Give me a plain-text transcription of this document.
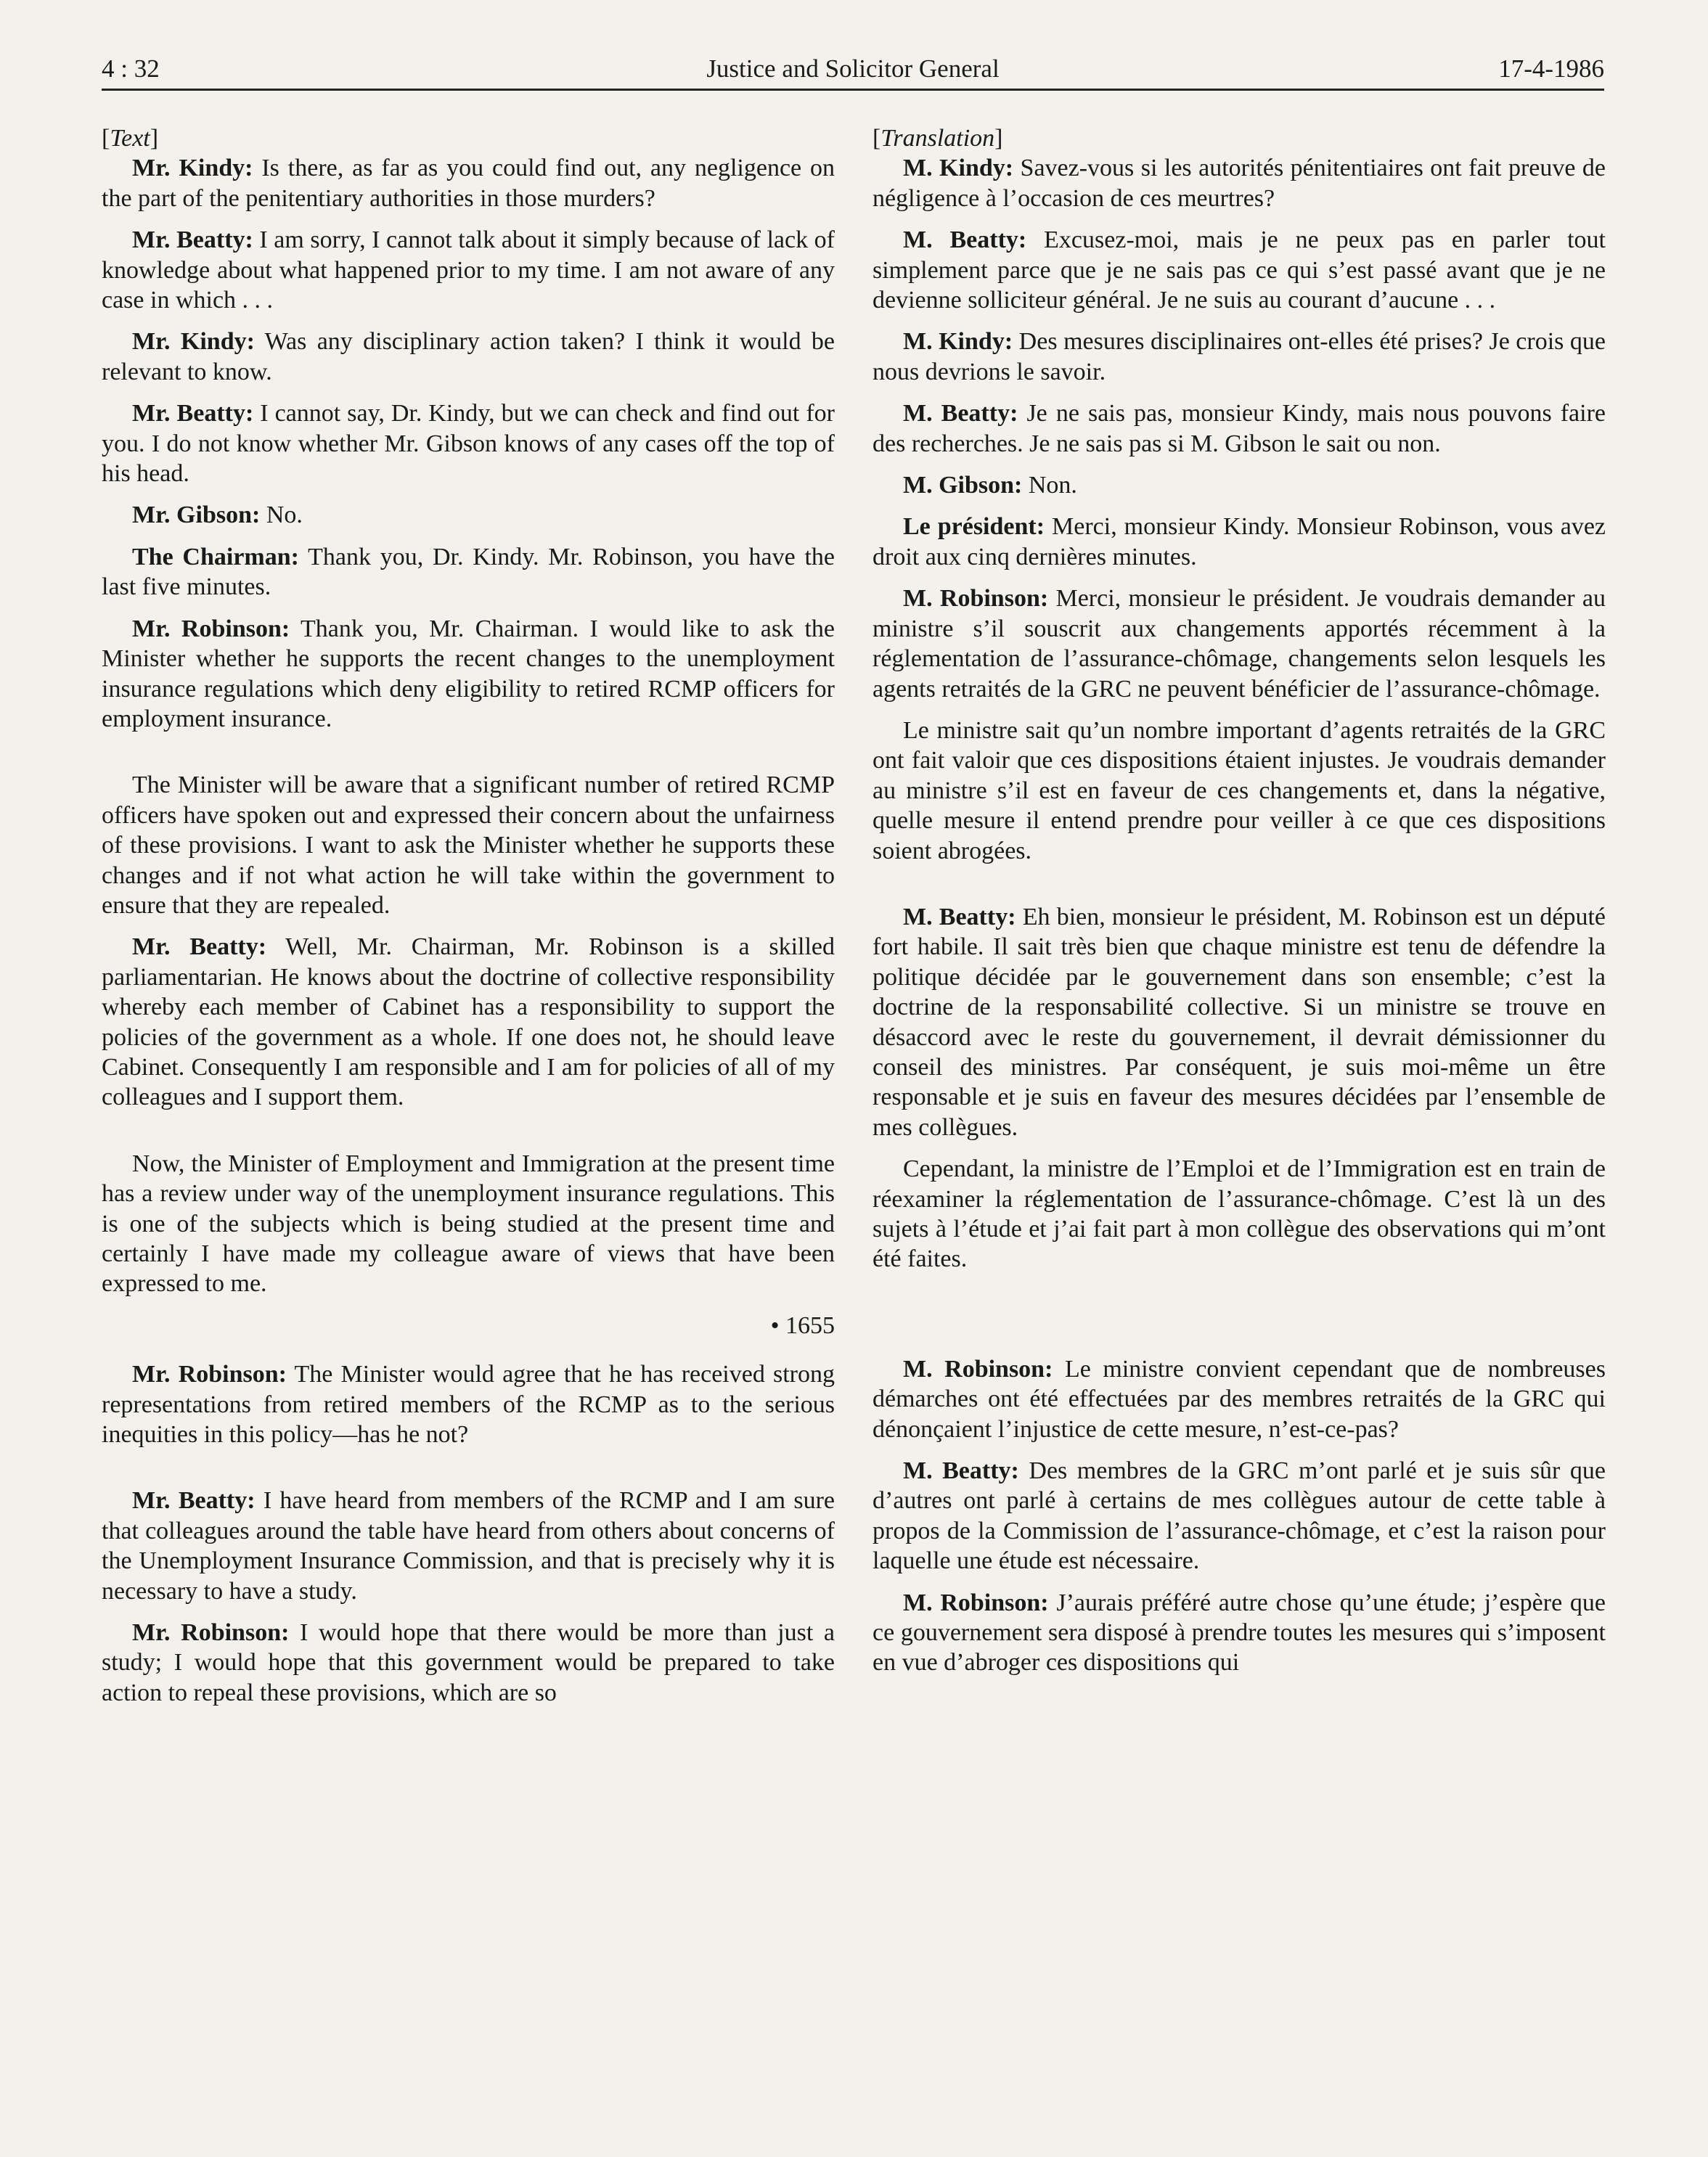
4 : 32	Justice and Solicitor General	17-4-1986
[Text]
Mr. Kindy: Is there, as far as you could find out, any negligence on the part of the penitentiary authorities in those murders?
Mr. Beatty: I am sorry, I cannot talk about it simply because of lack of knowledge about what happened prior to my time. I am not aware of any case in which . . .
Mr. Kindy: Was any disciplinary action taken? I think it would be relevant to know.
Mr. Beatty: I cannot say, Dr. Kindy, but we can check and find out for you. I do not know whether Mr. Gibson knows of any cases off the top of his head.
Mr. Gibson: No.
The Chairman: Thank you, Dr. Kindy. Mr. Robinson, you have the last five minutes.
Mr. Robinson: Thank you, Mr. Chairman. I would like to ask the Minister whether he supports the recent changes to the unemployment insurance regulations which deny eligibility to retired RCMP officers for employment insurance.
The Minister will be aware that a significant number of retired RCMP officers have spoken out and expressed their concern about the unfairness of these provisions. I want to ask the Minister whether he supports these changes and if not what action he will take within the government to ensure that they are repealed.
Mr. Beatty: Well, Mr. Chairman, Mr. Robinson is a skilled parliamentarian. He knows about the doctrine of collective responsibility whereby each member of Cabinet has a responsibility to support the policies of the government as a whole. If one does not, he should leave Cabinet. Consequently I am responsible and I am for policies of all of my colleagues and I support them.
Now, the Minister of Employment and Immigration at the present time has a review under way of the unemployment insurance regulations. This is one of the subjects which is being studied at the present time and certainly I have made my colleague aware of views that have been expressed to me.
• 1655
Mr. Robinson: The Minister would agree that he has received strong representations from retired members of the RCMP as to the serious inequities in this policy—has he not?
Mr. Beatty: I have heard from members of the RCMP and I am sure that colleagues around the table have heard from others about concerns of the Unemployment Insurance Commission, and that is precisely why it is necessary to have a study.
Mr. Robinson: I would hope that there would be more than just a study; I would hope that this government would be prepared to take action to repeal these provisions, which are so
[Translation]
M. Kindy: Savez-vous si les autorités pénitentiaires ont fait preuve de négligence à l’occasion de ces meurtres?
M. Beatty: Excusez-moi, mais je ne peux pas en parler tout simplement parce que je ne sais pas ce qui s’est passé avant que je ne devienne solliciteur général. Je ne suis au courant d’aucune . . .
M. Kindy: Des mesures disciplinaires ont-elles été prises? Je crois que nous devrions le savoir.
M. Beatty: Je ne sais pas, monsieur Kindy, mais nous pouvons faire des recherches. Je ne sais pas si M. Gibson le sait ou non.
M. Gibson: Non.
Le président: Merci, monsieur Kindy. Monsieur Robinson, vous avez droit aux cinq dernières minutes.
M. Robinson: Merci, monsieur le président. Je voudrais demander au ministre s’il souscrit aux changements apportés récemment à la réglementation de l’assurance-chômage, changements selon lesquels les agents retraités de la GRC ne peuvent bénéficier de l’assurance-chômage.
Le ministre sait qu’un nombre important d’agents retraités de la GRC ont fait valoir que ces dispositions étaient injustes. Je voudrais demander au ministre s’il est en faveur de ces changements et, dans la négative, quelle mesure il entend prendre pour veiller à ce que ces dispositions soient abrogées.
M. Beatty: Eh bien, monsieur le président, M. Robinson est un député fort habile. Il sait très bien que chaque ministre est tenu de défendre la politique décidée par le gouvernement dans son ensemble; c’est la doctrine de la responsabilité collective. Si un ministre se trouve en désaccord avec le reste du gouvernement, il devrait démissionner du conseil des ministres. Par conséquent, je suis moi-même un être responsable et je suis en faveur des mesures décidées par l’ensemble de mes collègues.
Cependant, la ministre de l’Emploi et de l’Immigration est en train de réexaminer la réglementation de l’assurance-chômage. C’est là un des sujets à l’étude et j’ai fait part à mon collègue des observations qui m’ont été faites.
M. Robinson: Le ministre convient cependant que de nombreuses démarches ont été effectuées par des membres retraités de la GRC qui dénonçaient l’injustice de cette mesure, n’est-ce-pas?
M. Beatty: Des membres de la GRC m’ont parlé et je suis sûr que d’autres ont parlé à certains de mes collègues autour de cette table à propos de la Commission de l’assurance-chômage, et c’est la raison pour laquelle une étude est nécessaire.
M. Robinson: J’aurais préféré autre chose qu’une étude; j’espère que ce gouvernement sera disposé à prendre toutes les mesures qui s’imposent en vue d’abroger ces dispositions qui
